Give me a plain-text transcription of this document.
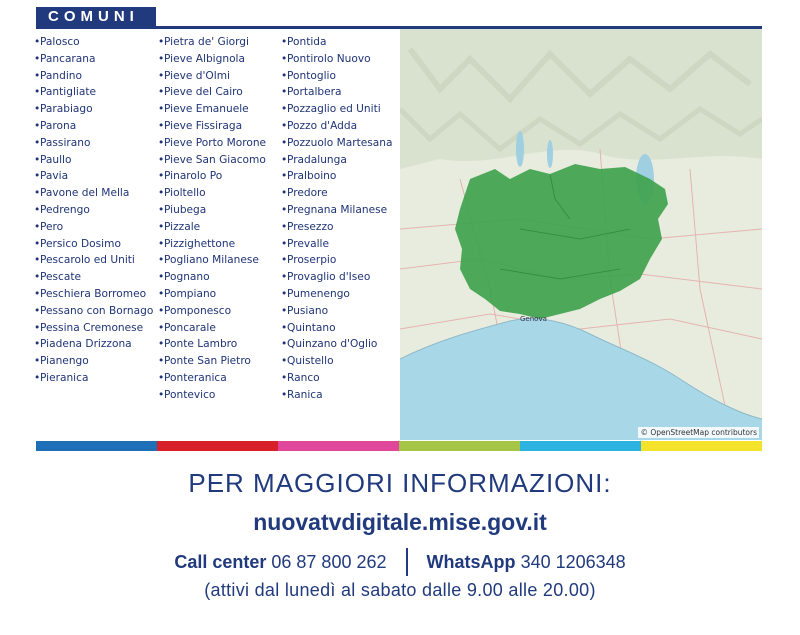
COMUNI
• Palosco
• Pancarana
• Pandino
• Pantigliate
• Parabiago
• Parona
• Passirano
• Paullo
• Pavia
• Pavone del Mella
• Pedrengo
• Pero
• Persico Dosimo
• Pescarolo ed Uniti
• Pescate
• Peschiera Borromeo
• Pessano con Bornago
• Pessina Cremonese
• Piadena Drizzona
• Pianengo
• Pieranica
• Pietra de' Giorgi
• Pieve Albignola
• Pieve d'Olmi
• Pieve del Cairo
• Pieve Emanuele
• Pieve Fissiraga
• Pieve Porto Morone
• Pieve San Giacomo
• Pinarolo Po
• Pioltello
• Piubega
• Pizzale
• Pizzighettone
• Pogliano Milanese
• Pognano
• Pompiano
• Pomponesco
• Poncarale
• Ponte Lambro
• Ponte San Pietro
• Ponteranica
• Pontevico
• Pontida
• Pontirolo Nuovo
• Pontoglio
• Portalbera
• Pozzaglio ed Uniti
• Pozzo d'Adda
• Pozzuolo Martesana
• Pradalunga
• Pralboino
• Predore
• Pregnana Milanese
• Presezzo
• Prevalle
• Proserpio
• Provaglio d'Iseo
• Pumenengo
• Pusiano
• Quintano
• Quinzano d'Oglio
• Quistello
• Ranco
• Ranica
Genova
© OpenStreetMap contributors
PER MAGGIORI INFORMAZIONI:
nuovatvdigitale.mise.gov.it
Call center 06 87 800 262 WhatsApp 340 1206348
(attivi dal lunedì al sabato dalle 9.00 alle 20.00)
